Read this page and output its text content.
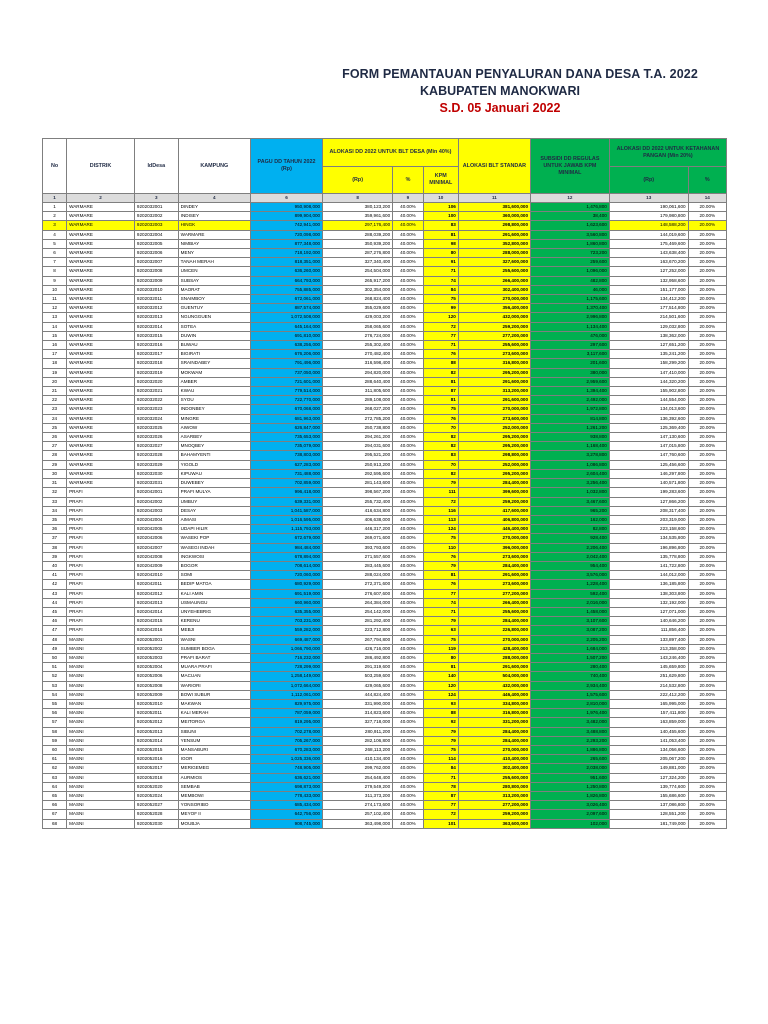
FORM PEMANTAUAN PENYALURAN DANA DESA T.A. 2022
KABUPATEN MANOKWARI
S.D. 05 Januari 2022
No	DISTRIK	IdDesa	KAMPUNG	PAGU DD TAHUN 2022 (Rp)	ALOKASI DD 2022 UNTUK BLT DESA (Min 40%)			ALOKASI BLT STANDAR	SUBSIDI DD REGULAS UNTUK JAWAB KPM MINIMAL	ALOKASI DD 2022 UNTUK KETAHANAN PANGAN (Min 20%)	
					(Rp)	%	KPM MINIMAL			(Rp)	%
1	2	3	4	6	8	9	10	11	12	13	14
1	WARMARE	9202032001	DINDEY	950,908,000	380,123,200	40.00%	106	381,600,000	1,476,800	190,061,600	20.00%
2	WARMARE	9202032002	INDISEY	899,904,000	359,961,600	40.00%	100	360,000,000	38,400	179,980,800	20.00%
3	WARMARE	9202032003	HINGK	742,941,000	297,176,400	40.00%	83	298,800,000	1,623,600	148,588,200	20.00%
4	WARMARE	9202032004	WARMARE	720,098,000	288,039,200	40.00%	81	291,600,000	3,560,800	144,019,600	20.00%
5	WARMARE	9202032005	NIMBIAY	877,348,000	350,939,200	40.00%	98	352,800,000	1,860,800	175,469,600	20.00%
6	WARMARE	9202032006	MENY	718,192,000	287,276,800	40.00%	80	288,000,000	723,200	143,638,400	20.00%
7	WARMARE	9202032007	TANAH MERAH	818,351,000	327,340,400	40.00%	91	327,600,000	259,600	163,670,200	20.00%
8	WARMARE	9202032008	UMCEN	636,260,000	254,504,000	40.00%	71	255,600,000	1,096,000	127,252,000	20.00%
9	WARMARE	9202032009	SUBSAY	664,793,000	265,917,200	40.00%	74	266,400,000	482,800	132,958,600	20.00%
10	WARMARE	9202032010	MAORAT	755,885,000	302,354,000	40.00%	84	302,400,000	46,000	151,177,000	20.00%
11	WARMARE	9202032011	SNAIMBOY	672,061,000	268,824,400	40.00%	75	270,000,000	1,175,600	134,412,200	20.00%
12	WARMARE	9202032012	GUENTUY	887,574,000	355,029,600	40.00%	99	356,400,000	1,370,400	177,514,800	20.00%
13	WARMARE	9202032013	NGUNGGUEN	1,072,508,000	429,003,200	40.00%	120	432,000,000	2,996,800	214,501,600	20.00%
14	WARMARE	9202032014	SOTEA	645,164,000	258,065,600	40.00%	72	259,200,000	1,134,400	129,032,800	20.00%
15	WARMARE	9202032015	DUWIN	691,810,000	276,724,000	40.00%	77	277,200,000	476,000	138,362,000	20.00%
16	WARMARE	9202032016	BUWAU	638,256,000	255,302,400	40.00%	71	255,600,000	297,600	127,651,200	20.00%
17	WARMARE	9202032017	BIGIRATI	676,206,000	270,482,400	40.00%	76	273,600,000	3,117,600	135,241,200	20.00%
18	WARMARE	9202032018	SRAINDABEY	791,496,000	316,598,400	40.00%	88	316,800,000	201,600	158,299,200	20.00%
19	WARMARE	9202032019	MOKWAM	737,050,000	294,820,000	40.00%	82	295,200,000	380,000	147,410,000	20.00%
20	WARMARE	9202032020	AMBER	721,601,000	288,640,400	40.00%	81	291,600,000	2,959,600	144,320,200	20.00%
21	WARMARE	9202032021	KWAU	779,514,000	311,805,600	40.00%	87	313,200,000	1,394,400	155,902,800	20.00%
22	WARMARE	9202032022	SYOU	722,770,000	289,108,000	40.00%	81	291,600,000	2,492,000	144,554,000	20.00%
23	WARMARE	9202032023	INDONBEY	670,068,000	268,027,200	40.00%	75	270,000,000	1,972,800	134,013,600	20.00%
24	WARMARE	9202032024	MINGRE	681,963,000	272,785,200	40.00%	76	273,600,000	814,800	136,392,600	20.00%
25	WARMARE	9202032025	AIWOW	626,847,000	250,738,800	40.00%	70	252,000,000	1,261,200	125,369,400	20.00%
26	WARMARE	9202032026	ASARBEY	735,653,000	294,261,200	40.00%	82	295,200,000	938,800	147,130,600	20.00%
27	WARMARE	9202032027	MNOQBEY	735,079,000	294,031,600	40.00%	82	295,200,000	1,168,400	147,015,800	20.00%
28	WARMARE	9202032028	BAHAMYENTI	738,803,000	295,521,200	40.00%	83	298,800,000	3,278,800	147,760,600	20.00%
29	WARMARE	9202032029	YIGOLD	627,283,000	250,913,200	40.00%	70	252,000,000	1,086,800	125,456,600	20.00%
30	WARMARE	9202032030	KIPUWAU	731,488,000	292,595,600	40.00%	82	295,200,000	2,604,400	146,297,800	20.00%
31	WARMARE	9202032031	DUWEBEY	702,859,000	281,143,600	40.00%	79	284,400,000	3,256,400	140,571,800	20.00%
32	PRAFI	9202042001	PRAFI MULYA	996,418,000	398,567,200	40.00%	111	399,600,000	1,032,800	199,283,600	20.00%
33	PRAFI	9202042002	UMBUY	639,331,000	255,732,400	40.00%	72	259,200,000	3,467,600	127,866,200	20.00%
34	PRAFI	9202042003	DESAY	1,041,587,000	416,634,800	40.00%	116	417,600,000	965,200	208,317,400	20.00%
35	PRAFI	9202042004	AIMASI	1,016,595,000	406,638,000	40.00%	113	406,800,000	162,000	203,319,000	20.00%
36	PRAFI	9202042005	UDAPI HILIR	1,115,793,000	446,317,200	40.00%	124	446,400,000	82,800	223,158,600	20.00%
37	PRAFI	9202042006	WASEKI POP	672,679,000	269,071,600	40.00%	75	270,000,000	928,400	134,535,800	20.00%
38	PRAFI	9202042007	WASEGI INDAH	984,484,000	393,793,600	40.00%	110	396,000,000	2,206,400	196,896,800	20.00%
39	PRAFI	9202042008	INGKWOSI	678,894,000	271,557,600	40.00%	76	273,600,000	2,042,400	135,778,800	20.00%
40	PRAFI	9202042009	BOGOR	708,614,000	283,445,600	40.00%	79	284,400,000	954,400	141,722,800	20.00%
41	PRAFI	9202042010	SOMI	720,060,000	288,024,000	40.00%	81	291,600,000	3,576,000	144,012,000	20.00%
42	PRAFI	9202042011	BEDIP MATOA	680,929,000	272,371,600	40.00%	76	273,600,000	1,228,400	136,185,800	20.00%
43	PRAFI	9202042012	KALI AMIN	691,519,000	276,607,600	40.00%	77	277,200,000	592,400	138,303,800	20.00%
44	PRAFI	9202042013	USMAUNGU	660,960,000	264,384,000	40.00%	74	266,400,000	2,016,000	132,192,000	20.00%
45	PRAFI	9202042014	UNYEHEBRIG	635,355,000	254,142,000	40.00%	71	255,600,000	1,458,000	127,071,000	20.00%
46	PRAFI	9202042015	KERENU	703,231,000	281,292,400	40.00%	79	284,400,000	3,107,600	140,646,200	20.00%
47	PRAFI	9202042016	MEBJI	559,282,000	223,712,800	40.00%	63	226,800,000	3,087,200	111,856,400	20.00%
48	MASNI	9202052001	WASNI	669,487,000	267,794,800	40.00%	75	270,000,000	2,205,200	133,897,400	20.00%
49	MASNI	9202052002	SUMBER BOGA	1,066,790,000	426,716,000	40.00%	119	428,400,000	1,684,000	213,358,000	20.00%
50	MASNI	9202052003	PRAFI BARAT	716,232,000	286,492,800	40.00%	80	288,000,000	1,507,200	143,246,400	20.00%
51	MASNI	9202052004	MUARA PRAFI	728,299,000	291,319,600	40.00%	81	291,600,000	280,400	145,659,800	20.00%
52	MASNI	9202052006	MACUAN	1,258,149,000	503,259,600	40.00%	140	504,000,000	740,400	251,629,800	20.00%
53	MASNI	9202052008	WARIORI	1,072,664,000	429,065,600	40.00%	120	432,000,000	2,934,400	214,532,800	20.00%
54	MASNI	9202052009	BOWI SUBUR	1,112,061,000	444,824,400	40.00%	124	446,400,000	1,575,600	222,412,200	20.00%
55	MASNI	9202052010	MAKWAN	829,975,000	331,990,000	40.00%	93	334,800,000	2,810,000	165,995,000	20.00%
56	MASNI	9202052011	KALI MERAH	787,059,000	314,823,600	40.00%	88	316,800,000	1,976,400	157,411,800	20.00%
57	MASNI	9202052012	MEITORGA	819,295,000	327,718,000	40.00%	92	331,200,000	3,482,000	163,859,000	20.00%
58	MASNI	9202052013	SIBUNI	702,278,000	280,911,200	40.00%	79	284,400,000	3,488,800	140,455,600	20.00%
59	MASNI	9202052014	YENSUM	705,267,000	282,106,800	40.00%	79	284,400,000	2,293,200	141,053,400	20.00%
60	MASNI	9202052015	MANSABURI	670,283,000	268,113,200	40.00%	75	270,000,000	1,886,800	134,056,600	20.00%
61	MASNI	9202052016	IGOR	1,025,336,000	410,134,400	40.00%	114	410,400,000	265,600	205,067,200	20.00%
62	MASNI	9202052017	MERIGEMEG	748,905,000	299,762,000	40.00%	84	302,400,000	2,038,000	149,881,000	20.00%
63	MASNI	9202052018	AURMIOS	636,621,000	254,648,400	40.00%	71	255,600,000	951,600	127,324,200	20.00%
64	MASNI	9202052020	SEMBAB	698,873,000	279,549,200	40.00%	78	280,800,000	1,250,800	139,774,600	20.00%
65	MASNI	9202052024	MEMBOWI	778,433,000	311,373,200	40.00%	87	313,200,000	1,826,800	155,686,600	20.00%
66	MASNI	9202052027	YONSORIBO	685,434,000	274,173,600	40.00%	77	277,200,000	3,026,400	137,086,800	20.00%
67	MASNI	9202052028	MEYOF II	642,756,000	257,102,400	40.00%	72	259,200,000	2,097,600	128,551,200	20.00%
68	MASNI	9202052030	MOUBJA	908,745,000	363,498,000	40.00%	101	363,600,000	102,000	181,749,000	20.00%
